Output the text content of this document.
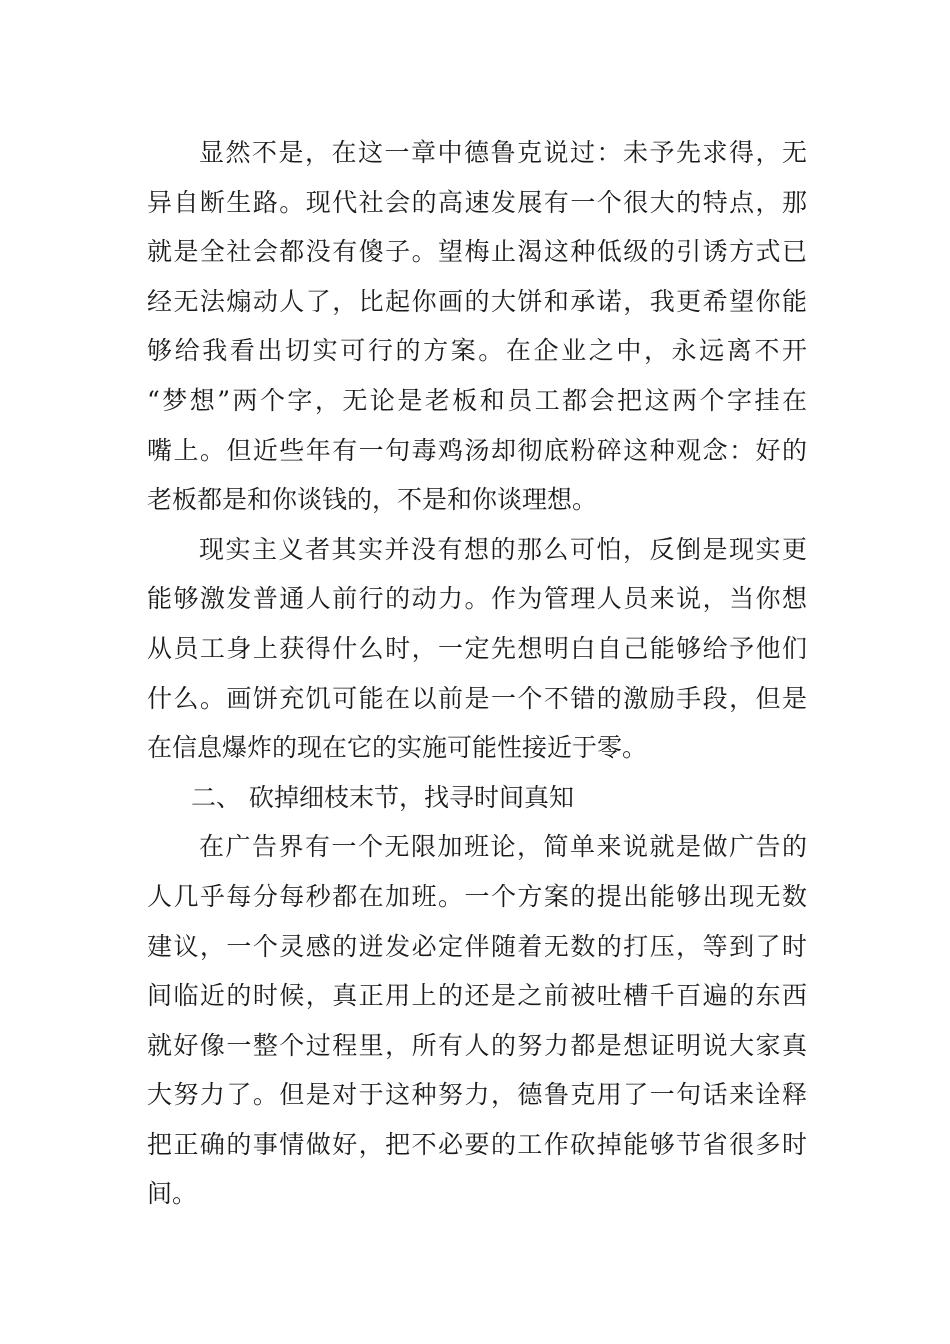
显然不是，在这一章中德鲁克说过：未予先求得，无
异自断生路。现代社会的高速发展有一个很大的特点，那
就是全社会都没有傻子。望梅止渴这种低级的引诱方式已
经无法煽动人了，比起你画的大饼和承诺，我更希望你能
够给我看出切实可行的方案。在企业之中，永远离不开
“梦想”两个字，无论是老板和员工都会把这两个字挂在
嘴上。但近些年有一句毒鸡汤却彻底粉碎这种观念：好的
老板都是和你谈钱的，不是和你谈理想。
现实主义者其实并没有想的那么可怕，反倒是现实更
能够激发普通人前行的动力。作为管理人员来说，当你想
从员工身上获得什么时，一定先想明白自己能够给予他们
什么。画饼充饥可能在以前是一个不错的激励手段，但是
在信息爆炸的现在它的实施可能性接近于零。
二、 砍掉细枝末节，找寻时间真知
在广告界有一个无限加班论，简单来说就是做广告的
人几乎每分每秒都在加班。一个方案的提出能够出现无数
建议，一个灵感的迸发必定伴随着无数的打压，等到了时
间临近的时候，真正用上的还是之前被吐槽千百遍的东西
就好像一整个过程里，所有人的努力都是想证明说大家真
大努力了。但是对于这种努力，德鲁克用了一句话来诠释
把正确的事情做好，把不必要的工作砍掉能够节省很多时
间。
